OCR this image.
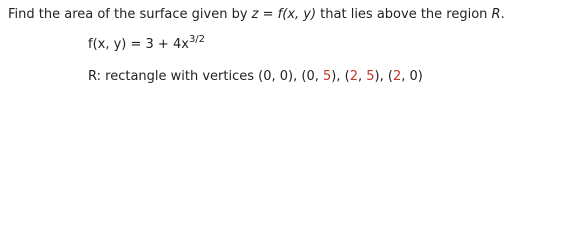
Find the area of the surface given by z = f(x, y) that lies above the region R.
f(x, $y) = 3 + 4x^{3/2}$
R: rectangle with vertices (0, 0), (0, 5), (2, 5), (2, 0)
